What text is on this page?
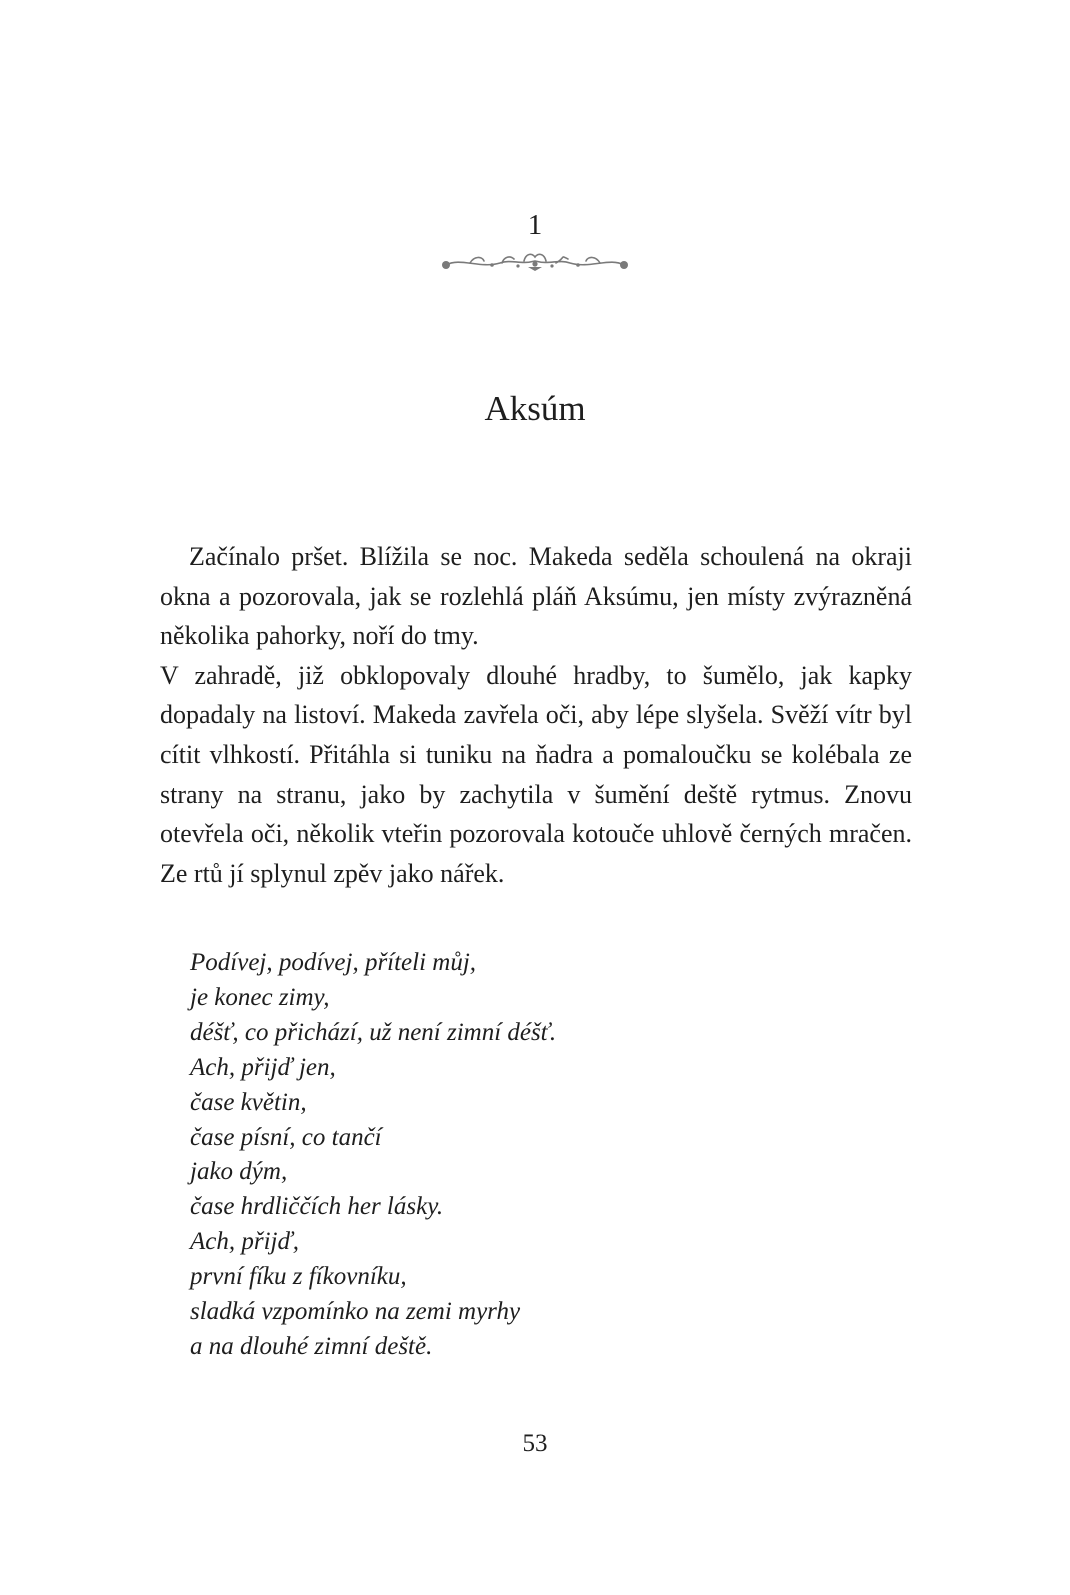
1
Aksúm

Začínalo pršet. Blížila se noc. Makeda seděla schoulená na okraji okna a pozorovala, jak se rozlehlá pláň Aksúmu, jen místy zvýrazněná několika pahorky, noří do tmy.

V zahradě, již obklopovaly dlouhé hradby, to šumělo, jak kapky dopadaly na listoví. Makeda zavřela oči, aby lépe slyšela. Svěží vítr byl cítit vlhkostí. Přitáhla si tuniku na ňadra a pomaloučku se kolébala ze strany na stranu, jako by zachytila v šumění deště rytmus. Znovu otevřela oči, několik vteřin pozorovala kotouče uhlově černých mračen. Ze rtů jí splynul zpěv jako nářek.

Podívej, podívej, příteli můj,
je konec zimy,
déšť, co přichází, už není zimní déšť.
Ach, přijď jen,
čase květin,
čase písní, co tančí
jako dým,
čase hrdliččích her lásky.
Ach, přijď,
první fíku z fíkovníku,
sladká vzpomínko na zemi myrhy
a na dlouhé zimní deště.
53
